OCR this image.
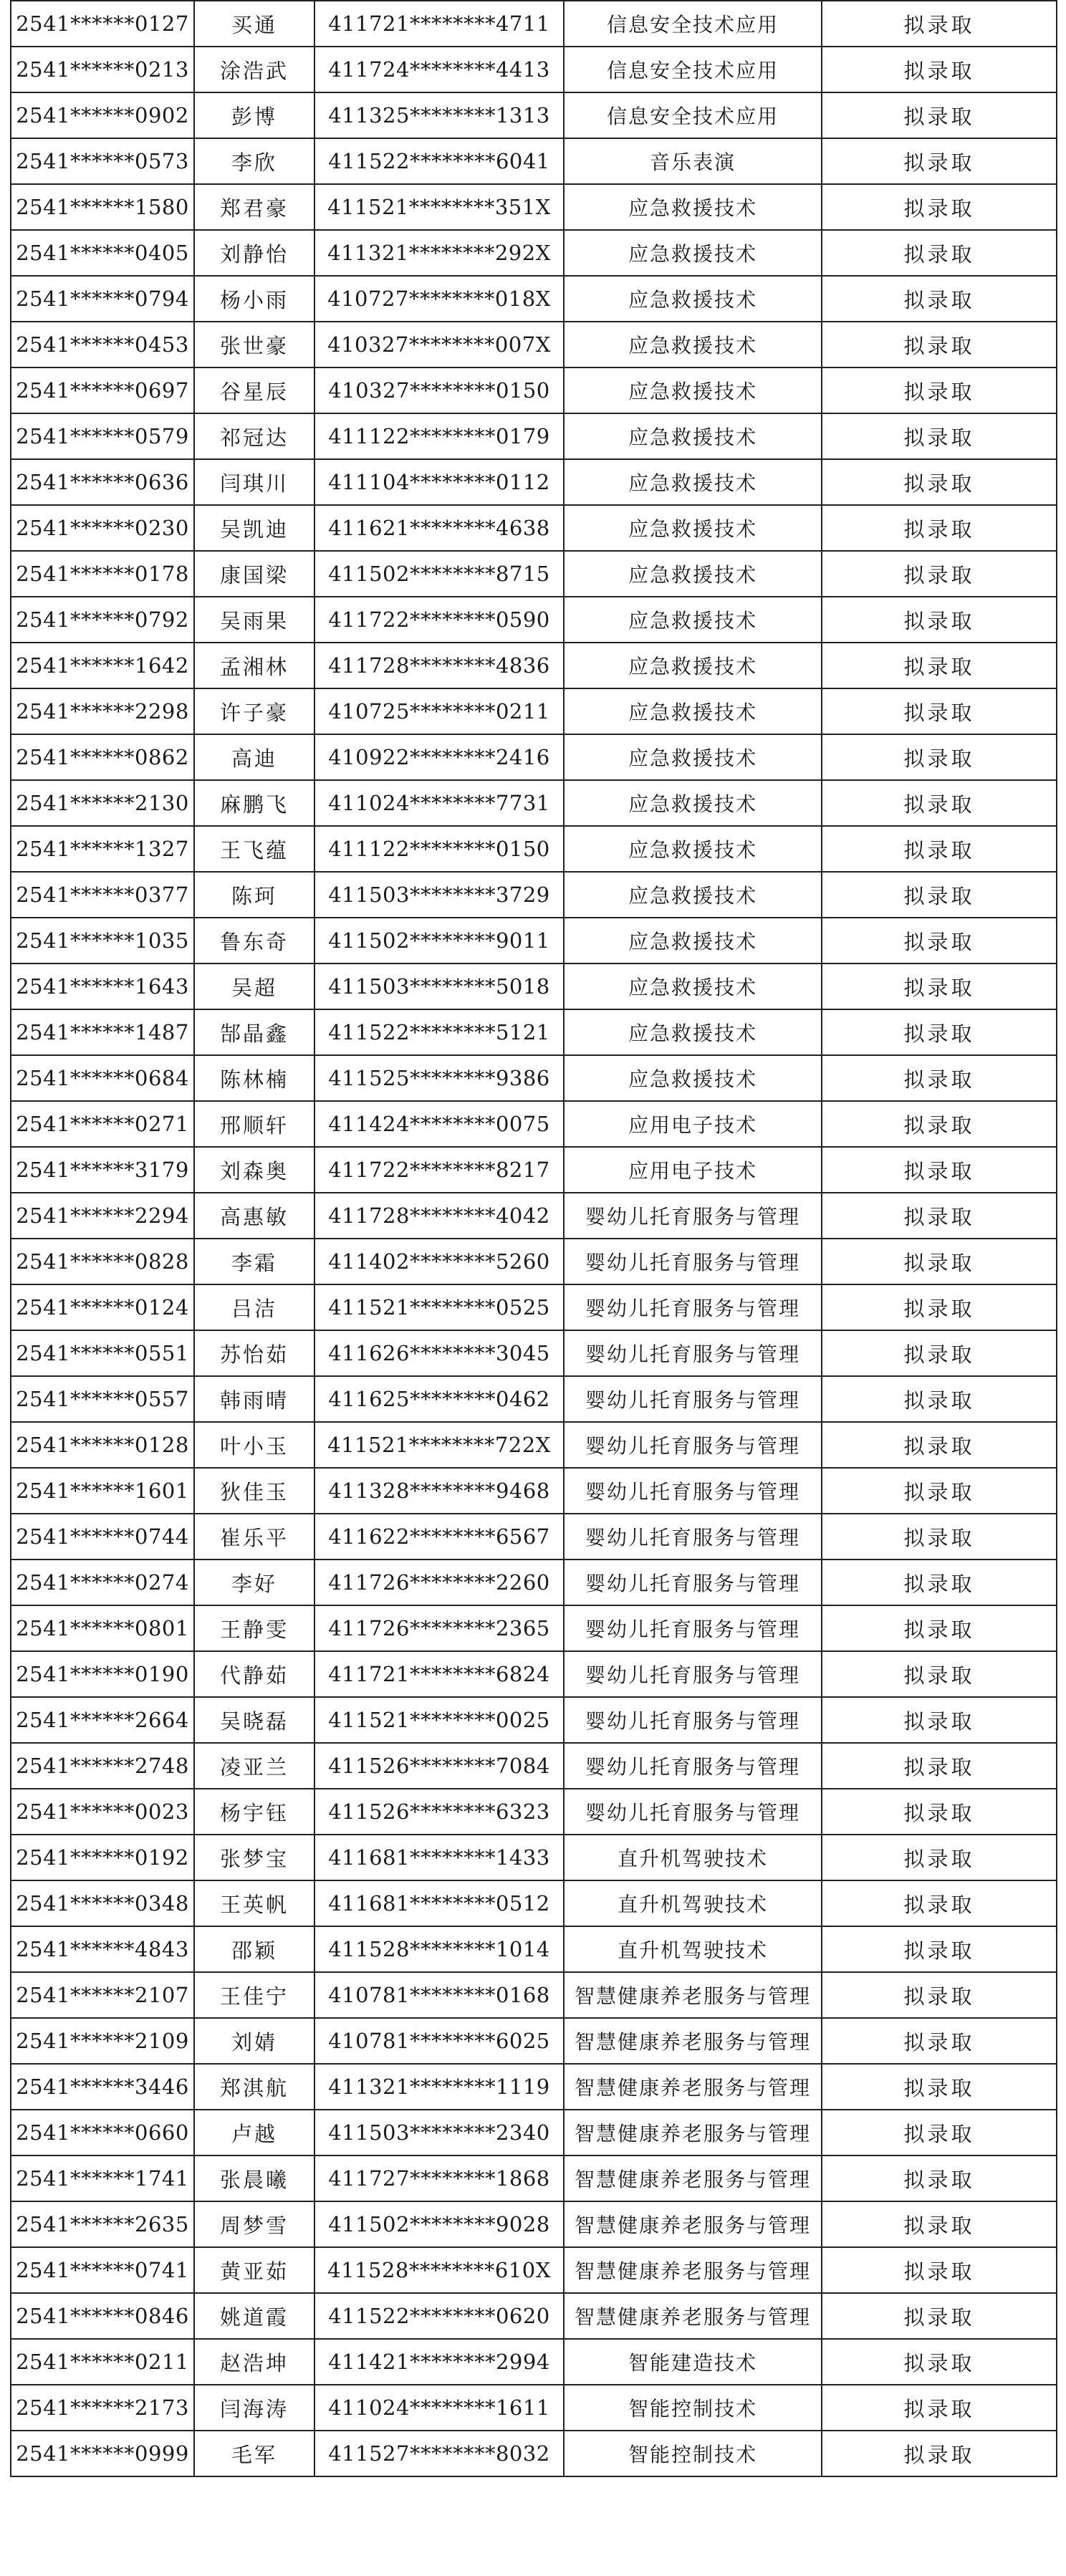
2541******0127	买通	411721********4711	信息安全技术应用	拟录取
2541******0213	涂浩武	411724********4413	信息安全技术应用	拟录取
2541******0902	彭博	411325********1313	信息安全技术应用	拟录取
2541******0573	李欣	411522********6041	音乐表演	拟录取
2541******1580	郑君豪	411521********351X	应急救援技术	拟录取
2541******0405	刘静怡	411321********292X	应急救援技术	拟录取
2541******0794	杨小雨	410727********018X	应急救援技术	拟录取
2541******0453	张世豪	410327********007X	应急救援技术	拟录取
2541******0697	谷星辰	410327********0150	应急救援技术	拟录取
2541******0579	祁冠达	411122********0179	应急救援技术	拟录取
2541******0636	闫琪川	411104********0112	应急救援技术	拟录取
2541******0230	吴凯迪	411621********4638	应急救援技术	拟录取
2541******0178	康国梁	411502********8715	应急救援技术	拟录取
2541******0792	吴雨果	411722********0590	应急救援技术	拟录取
2541******1642	孟湘林	411728********4836	应急救援技术	拟录取
2541******2298	许子豪	410725********0211	应急救援技术	拟录取
2541******0862	高迪	410922********2416	应急救援技术	拟录取
2541******2130	麻鹏飞	411024********7731	应急救援技术	拟录取
2541******1327	王飞蕴	411122********0150	应急救援技术	拟录取
2541******0377	陈珂	411503********3729	应急救援技术	拟录取
2541******1035	鲁东奇	411502********9011	应急救援技术	拟录取
2541******1643	吴超	411503********5018	应急救援技术	拟录取
2541******1487	郜晶鑫	411522********5121	应急救援技术	拟录取
2541******0684	陈林楠	411525********9386	应急救援技术	拟录取
2541******0271	邢顺轩	411424********0075	应用电子技术	拟录取
2541******3179	刘森奥	411722********8217	应用电子技术	拟录取
2541******2294	高惠敏	411728********4042	婴幼儿托育服务与管理	拟录取
2541******0828	李霜	411402********5260	婴幼儿托育服务与管理	拟录取
2541******0124	吕洁	411521********0525	婴幼儿托育服务与管理	拟录取
2541******0551	苏怡茹	411626********3045	婴幼儿托育服务与管理	拟录取
2541******0557	韩雨晴	411625********0462	婴幼儿托育服务与管理	拟录取
2541******0128	叶小玉	411521********722X	婴幼儿托育服务与管理	拟录取
2541******1601	狄佳玉	411328********9468	婴幼儿托育服务与管理	拟录取
2541******0744	崔乐平	411622********6567	婴幼儿托育服务与管理	拟录取
2541******0274	李好	411726********2260	婴幼儿托育服务与管理	拟录取
2541******0801	王静雯	411726********2365	婴幼儿托育服务与管理	拟录取
2541******0190	代静茹	411721********6824	婴幼儿托育服务与管理	拟录取
2541******2664	吴晓磊	411521********0025	婴幼儿托育服务与管理	拟录取
2541******2748	凌亚兰	411526********7084	婴幼儿托育服务与管理	拟录取
2541******0023	杨宇钰	411526********6323	婴幼儿托育服务与管理	拟录取
2541******0192	张梦宝	411681********1433	直升机驾驶技术	拟录取
2541******0348	王英帆	411681********0512	直升机驾驶技术	拟录取
2541******4843	邵颖	411528********1014	直升机驾驶技术	拟录取
2541******2107	王佳宁	410781********0168	智慧健康养老服务与管理	拟录取
2541******2109	刘婧	410781********6025	智慧健康养老服务与管理	拟录取
2541******3446	郑淇航	411321********1119	智慧健康养老服务与管理	拟录取
2541******0660	卢越	411503********2340	智慧健康养老服务与管理	拟录取
2541******1741	张晨曦	411727********1868	智慧健康养老服务与管理	拟录取
2541******2635	周梦雪	411502********9028	智慧健康养老服务与管理	拟录取
2541******0741	黄亚茹	411528********610X	智慧健康养老服务与管理	拟录取
2541******0846	姚道霞	411522********0620	智慧健康养老服务与管理	拟录取
2541******0211	赵浩坤	411421********2994	智能建造技术	拟录取
2541******2173	闫海涛	411024********1611	智能控制技术	拟录取
2541******0999	毛军	411527********8032	智能控制技术	拟录取
